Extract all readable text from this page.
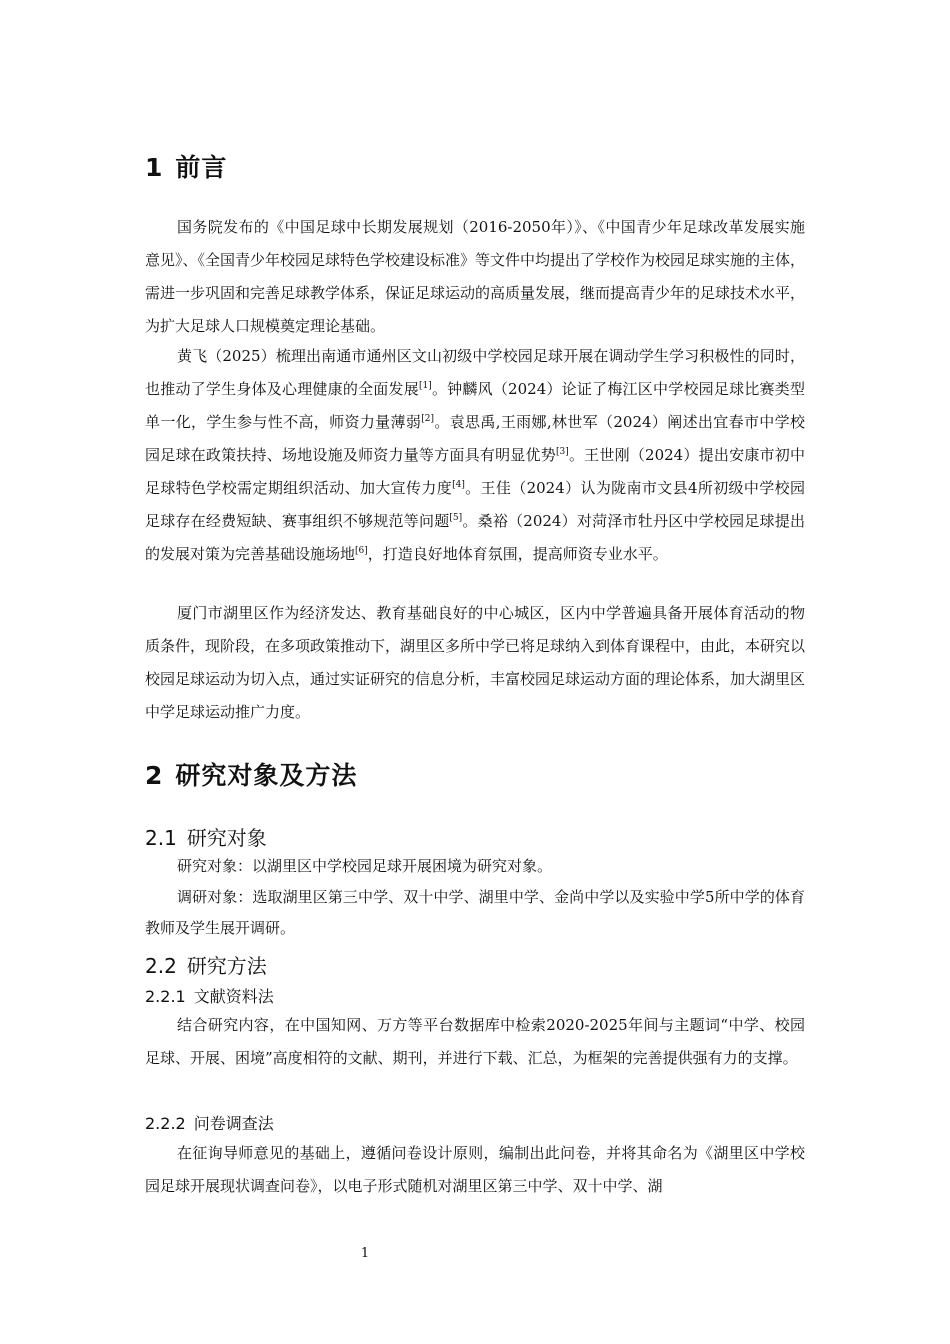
1 前言

国务院发布的《中国足球中长期发展规划（2016-2050年）》、《中国青少年足球改革发展实施意见》、《全国青少年校园足球特色学校建设标准》等文件中均提出了学校作为校园足球实施的主体，需进一步巩固和完善足球教学体系，保证足球运动的高质量发展，继而提高青少年的足球技术水平，为扩大足球人口规模奠定理论基础。

黄飞（2025）梳理出南通市通州区文山初级中学校园足球开展在调动学生学习积极性的同时，也推动了学生身体及心理健康的全面发展[1]。钟麟风（2024）论证了梅江区中学校园足球比赛类型单一化，学生参与性不高，师资力量薄弱[2]。袁思禹,王雨娜,林世军（2024）阐述出宜春市中学校园足球在政策扶持、场地设施及师资力量等方面具有明显优势[3]。王世刚（2024）提出安康市初中足球特色学校需定期组织活动、加大宣传力度[4]。王佳（2024）认为陇南市文县4所初级中学校园足球存在经费短缺、赛事组织不够规范等问题[5]。桑裕（2024）对菏泽市牡丹区中学校园足球提出的发展对策为完善基础设施场地[6]，打造良好地体育氛围，提高师资专业水平。

厦门市湖里区作为经济发达、教育基础良好的中心城区，区内中学普遍具备开展体育活动的物质条件，现阶段，在多项政策推动下，湖里区多所中学已将足球纳入到体育课程中，由此，本研究以校园足球运动为切入点，通过实证研究的信息分析，丰富校园足球运动方面的理论体系，加大湖里区中学足球运动推广力度。

2 研究对象及方法
2.1 研究对象

研究对象：以湖里区中学校园足球开展困境为研究对象。

调研对象：选取湖里区第三中学、双十中学、湖里中学、金尚中学以及实验中学5所中学的体育教师及学生展开调研。

2.2 研究方法
2.2.1 文献资料法

结合研究内容，在中国知网、万方等平台数据库中检索2020-2025年间与主题词“中学、校园足球、开展、困境”高度相符的文献、期刊，并进行下载、汇总，为框架的完善提供强有力的支撑。

2.2.2 问卷调查法

在征询导师意见的基础上，遵循问卷设计原则，编制出此问卷，并将其命名为《湖里区中学校园足球开展现状调查问卷》，以电子形式随机对湖里区第三中学、双十中学、湖

1
